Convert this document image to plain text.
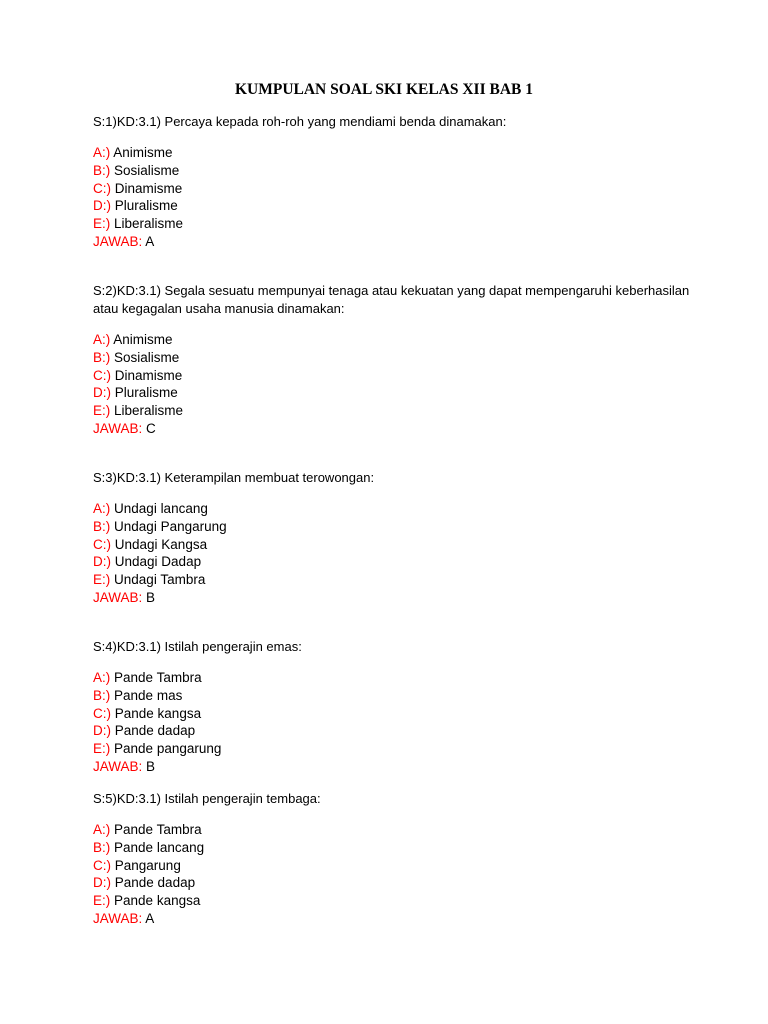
KUMPULAN SOAL SKI KELAS XII BAB 1
S:1)KD:3.1) Percaya kepada roh-roh yang mendiami benda dinamakan:
A:) Animisme
B:) Sosialisme
C:) Dinamisme
D:) Pluralisme
E:) Liberalisme
JAWAB: A
S:2)KD:3.1) Segala sesuatu mempunyai tenaga atau kekuatan yang dapat mempengaruhi keberhasilan atau kegagalan usaha manusia dinamakan:
A:) Animisme
B:) Sosialisme
C:) Dinamisme
D:) Pluralisme
E:) Liberalisme
JAWAB: C
S:3)KD:3.1) Keterampilan membuat terowongan:
A:) Undagi lancang
B:) Undagi Pangarung
C:) Undagi Kangsa
D:) Undagi Dadap
E:) Undagi Tambra
JAWAB: B
S:4)KD:3.1) Istilah pengerajin emas:
A:) Pande Tambra
B:) Pande mas
C:) Pande kangsa
D:) Pande dadap
E:) Pande pangarung
JAWAB: B
S:5)KD:3.1) Istilah pengerajin tembaga:
A:) Pande Tambra
B:) Pande lancang
C:) Pangarung
D:) Pande dadap
E:) Pande kangsa
JAWAB: A
